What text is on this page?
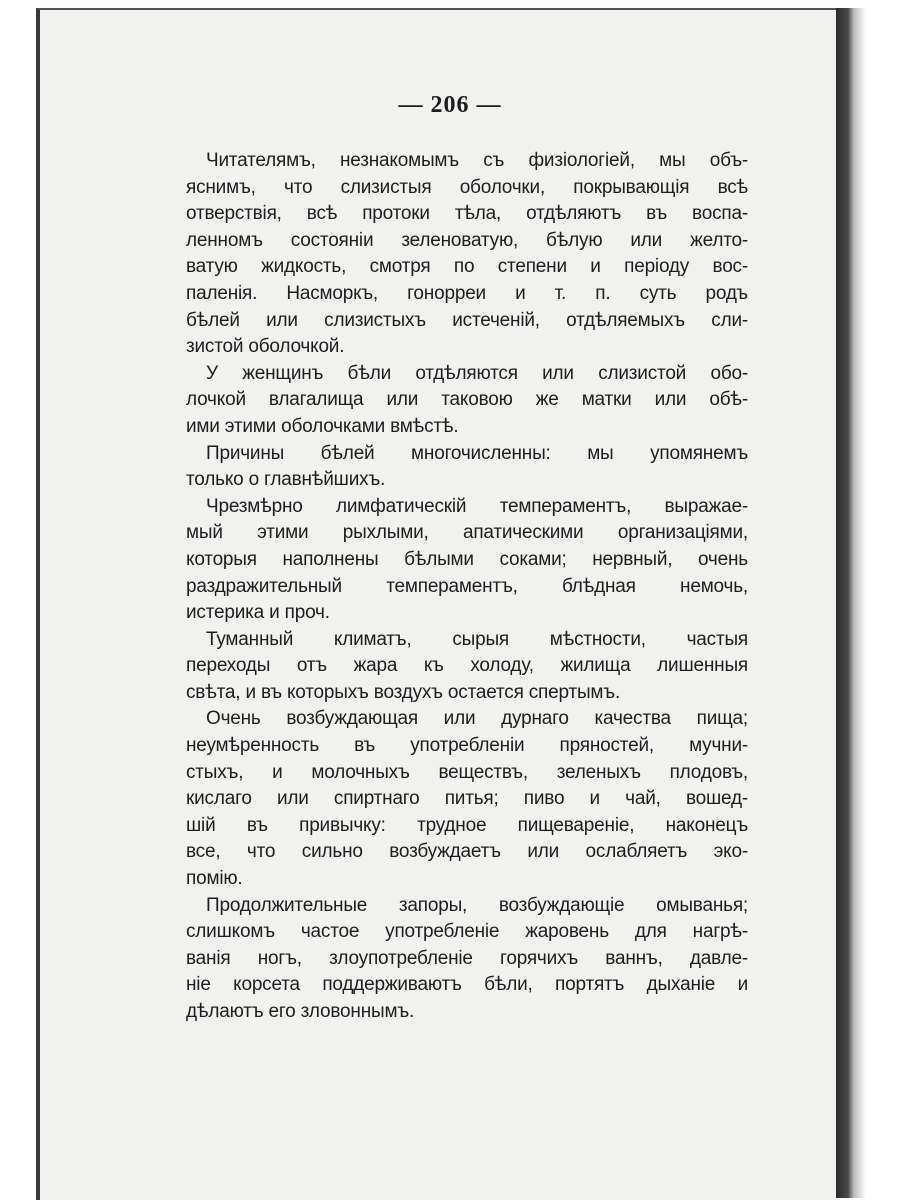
— 206 —
Читателямъ, незнакомымъ съ физіологіей, мы объ-
яснимъ, что слизистыя оболочки, покрывающія всѣ
отверствія, всѣ протоки тѣла, отдѣляютъ въ воспа-
ленномъ состояніи зеленоватую, бѣлую или желто-
ватую жидкость, смотря по степени и періоду вос-
паленія. Насморкъ, гонорреи и т. п. суть родъ
бѣлей или слизистыхъ истеченій, отдѣляемыхъ сли-
зистой оболочкой.
У женщинъ бѣли отдѣляются или слизистой обо-
лочкой влагалища или таковою же матки или обѣ-
ими этими оболочками вмѣстѣ.
Причины бѣлей многочисленны: мы упомянемъ
только о главнѣйшихъ.
Чрезмѣрно лимфатическій темпераментъ, выражае-
мый этими рыхлыми, апатическими организаціями,
которыя наполнены бѣлыми соками; нервный, очень
раздражительный темпераментъ, блѣдная немочь,
истерика и проч.
Туманный климатъ, сырыя мѣстности, частыя
переходы отъ жара къ холоду, жилища лишенныя
свѣта, и въ которыхъ воздухъ остается спертымъ.
Очень возбуждающая или дурнаго качества пища;
неумѣренность въ употребленіи пряностей, мучни-
стыхъ, и молочныхъ веществъ, зеленыхъ плодовъ,
кислаго или спиртнаго питья; пиво и чай, вошед-
шій въ привычку: трудное пищевареніе, наконецъ
все, что сильно возбуждаетъ или ослабляетъ эко-
помію.
Продолжительные запоры, возбуждающіе омыванья;
слишкомъ частое употребленіе жаровень для нагрѣ-
ванія ногъ, злоупотребленіе горячихъ ваннъ, давле-
ніе корсета поддерживаютъ бѣли, портятъ дыханіе и
дѣлаютъ его зловоннымъ.
